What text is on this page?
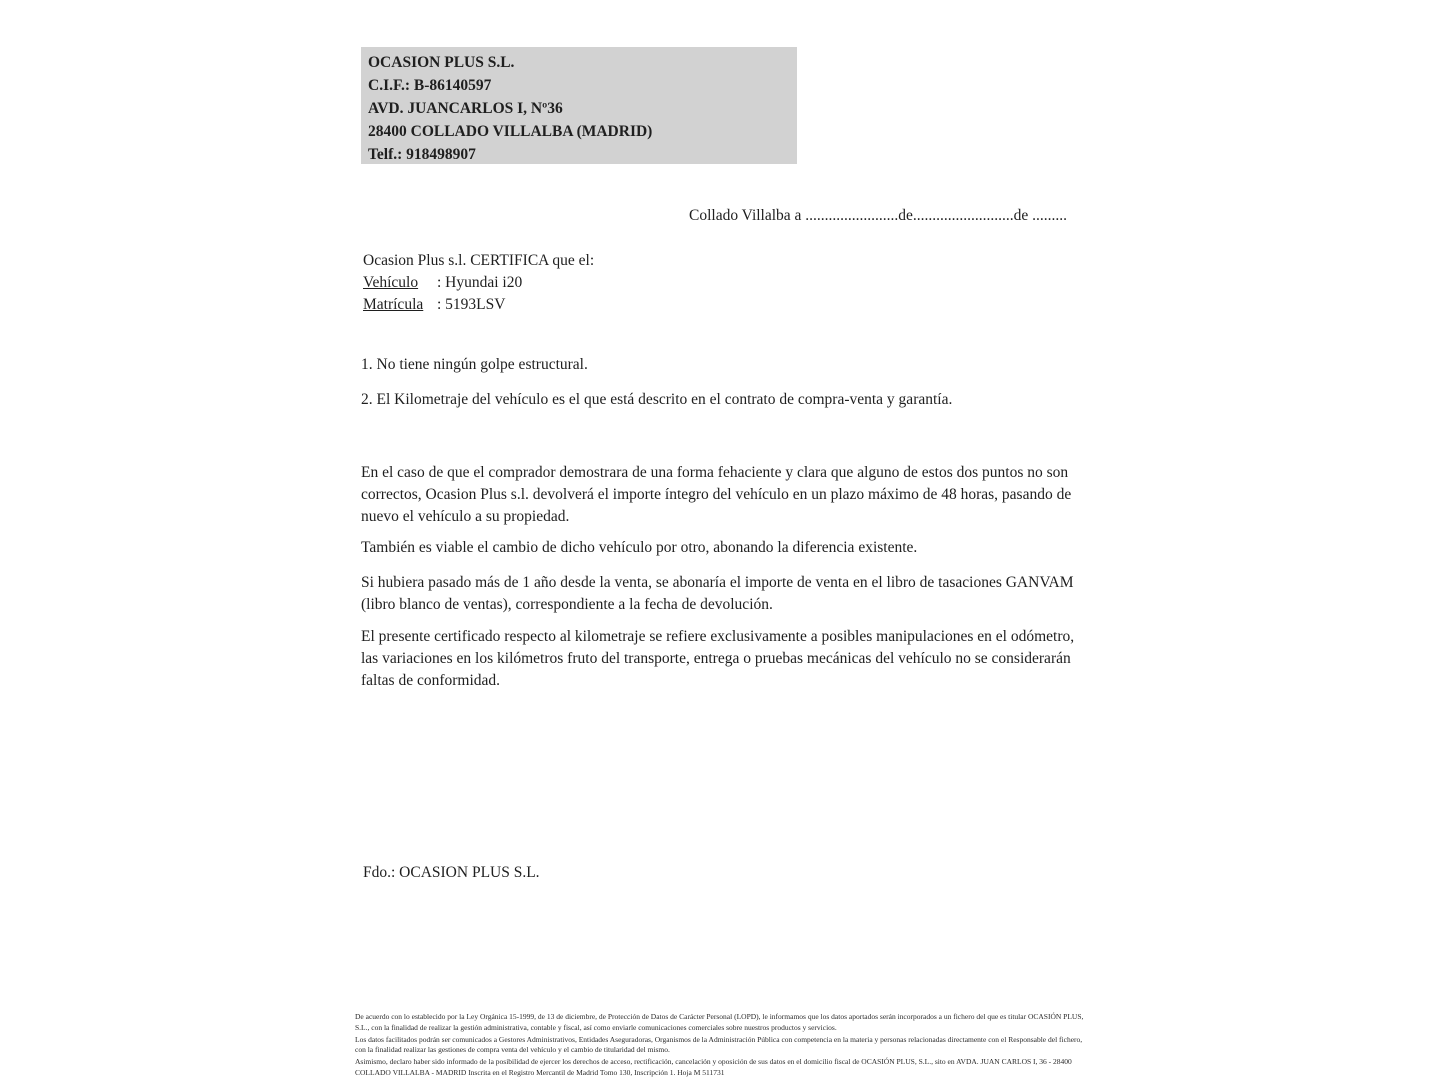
OCASION PLUS S.L.
C.I.F.: B-86140597
AVD. JUANCARLOS I, Nº36
28400 COLLADO VILLALBA (MADRID)
Telf.: 918498907
Collado Villalba a ........................de..........................de .........
Ocasion Plus s.l. CERTIFICA que el:
Vehículo : Hyundai i20
Matrícula : 5193LSV
1. No tiene ningún golpe estructural.
2. El Kilometraje del vehículo es el que está descrito en el contrato de compra-venta y garantía.
En el caso de que el comprador demostrara de una forma fehaciente y clara que alguno de estos dos puntos no son correctos, Ocasion Plus s.l. devolverá el importe íntegro del vehículo en un plazo máximo de 48 horas, pasando de nuevo el vehículo a su propiedad.
También es viable el cambio de dicho vehículo por otro, abonando la diferencia existente.
Si hubiera pasado más de 1 año desde la venta, se abonaría el importe de venta en el libro de tasaciones GANVAM (libro blanco de ventas), correspondiente a la fecha de devolución.
El presente certificado respecto al kilometraje se refiere exclusivamente a posibles manipulaciones en el odómetro, las variaciones en los kilómetros fruto del transporte, entrega o pruebas mecánicas del vehículo no se considerarán faltas de conformidad.
Fdo.: OCASION PLUS S.L.

De acuerdo con lo establecido por la Ley Orgánica 15-1999, de 13 de diciembre, de Protección de Datos de Carácter Personal (LOPD), le informamos que los datos aportados serán incorporados a un fichero del que es titular OCASIÓN PLUS, S.L., con la finalidad de realizar la gestión administrativa, contable y fiscal, así como enviarle comunicaciones comerciales sobre nuestros productos y servicios.

Los datos facilitados podrán ser comunicados a Gestores Administrativos, Entidades Aseguradoras, Organismos de la Administración Pública con competencia en la materia y personas relacionadas directamente con el Responsable del fichero, con la finalidad realizar las gestiones de compra venta del vehículo y el cambio de titularidad del mismo.

Asimismo, declaro haber sido informado de la posibilidad de ejercer los derechos de acceso, rectificación, cancelación y oposición de sus datos en el domicilio fiscal de OCASIÓN PLUS, S.L., sito en AVDA. JUAN CARLOS I, 36 - 28400 COLLADO VILLALBA - MADRID Inscrita en el Registro Mercantil de Madrid Tomo 130, Inscripción 1. Hoja M 511731
